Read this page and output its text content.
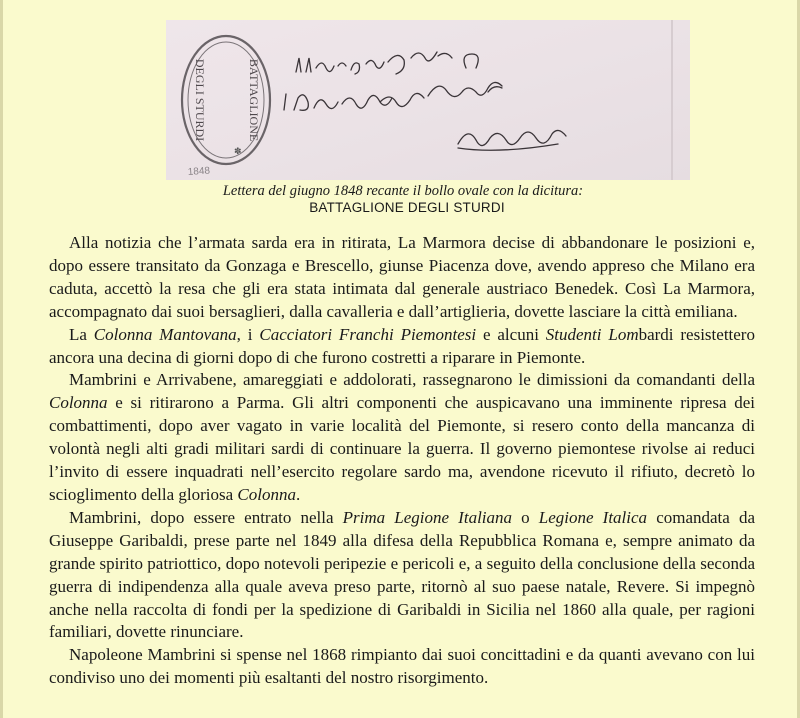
BATTAGLIONE
DEGLI STURDI
✽
1848
Lettera del giugno 1848 recante il bollo ovale con la dicitura:
BATTAGLIONE DEGLI STURDI

Alla notizia che l’armata sarda era in ritirata, La Marmora decise di abbandonare le posizioni e, dopo essere transitato da Gonzaga e Brescello, giunse Piacenza dove, avendo appreso che Milano era caduta, accettò la resa che gli era stata intimata dal generale austriaco Benedek. Così La Marmora, accompagnato dai suoi bersaglieri, dalla cavalleria e dall’artiglieria, dovette lasciare la città emiliana.

La Colonna Mantovana, i Cacciatori Franchi Piemontesi e alcuni Studenti Lombardi resistettero ancora una decina di giorni dopo di che furono costretti a riparare in Piemonte.

Mambrini e Arrivabene, amareggiati e addolorati, rassegnarono le dimissioni da comandanti della Colonna e si ritirarono a Parma. Gli altri componenti che auspicavano una imminente ripresa dei combattimenti, dopo aver vagato in varie località del Piemonte, si resero conto della mancanza di volontà negli alti gradi militari sardi di continuare la guerra. Il governo piemontese rivolse ai reduci l’invito di essere inquadrati nell’esercito regolare sardo ma, avendone ricevuto il rifiuto, decretò lo scioglimento della gloriosa Colonna.

Mambrini, dopo essere entrato nella Prima Legione Italiana o Legione Italica comandata da Giuseppe Garibaldi, prese parte nel 1849 alla difesa della Repubblica Romana e, sempre animato da grande spirito patriottico, dopo notevoli peripezie e pericoli e, a seguito della conclusione della seconda guerra di indipendenza alla quale aveva preso parte, ritornò al suo paese natale, Revere. Si impegnò anche nella raccolta di fondi per la spedizione di Garibaldi in Sicilia nel 1860 alla quale, per ragioni familiari, dovette rinunciare.

Napoleone Mambrini si spense nel 1868 rimpianto dai suoi concittadini e da quanti avevano con lui condiviso uno dei momenti più esaltanti del nostro risorgimento.
